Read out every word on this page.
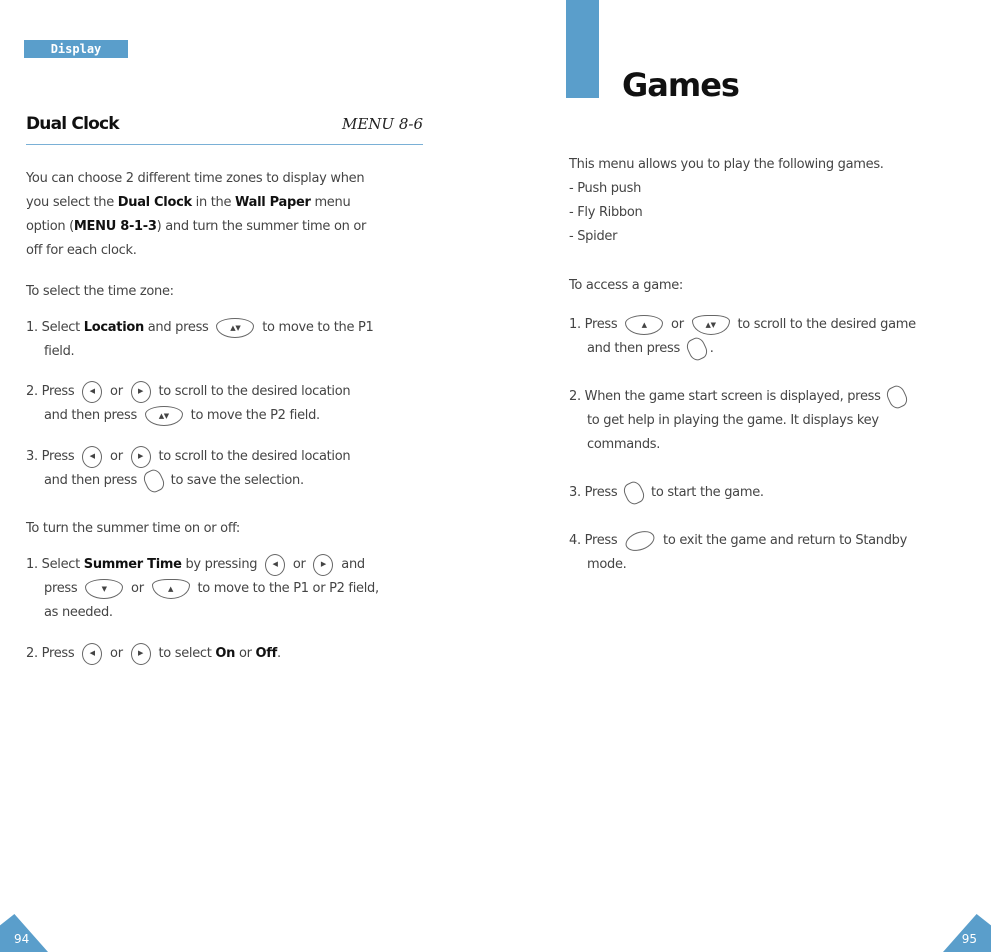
Display
Dual Clock	MENU 8-6
You can choose 2 different time zones to display when
you select the Dual Clock in the Wall Paper menu
option (MENU 8-1-3) and turn the summer time on or
off for each clock.
To select the time zone:
1. Select Location and press	▲▼	to move to the P1
field.
2. Press	◀	or	▶	to scroll to the desired location
and then press	▲▼	to move the P2 field.
3. Press	◀	or	▶	to scroll to the desired location
and then press	to save the selection.
To turn the summer time on or off:
1. Select Summer Time by pressing	◀	or	▶	and
press	▼	or	▲	to move to the P1 or P2 field,
as needed.
2. Press	◀	or	▶	to select On or Off.
94
Games
This menu allows you to play the following games.
- Push push
- Fly Ribbon
- Spider
To access a game:
1. Press	▲	or	▲▼	to scroll to the desired game
and then press .
2. When the game start screen is displayed, press
to get help in playing the game. It displays key
commands.
3. Press	to start the game.
4. Press	to exit the game and return to Standby
mode.
95
